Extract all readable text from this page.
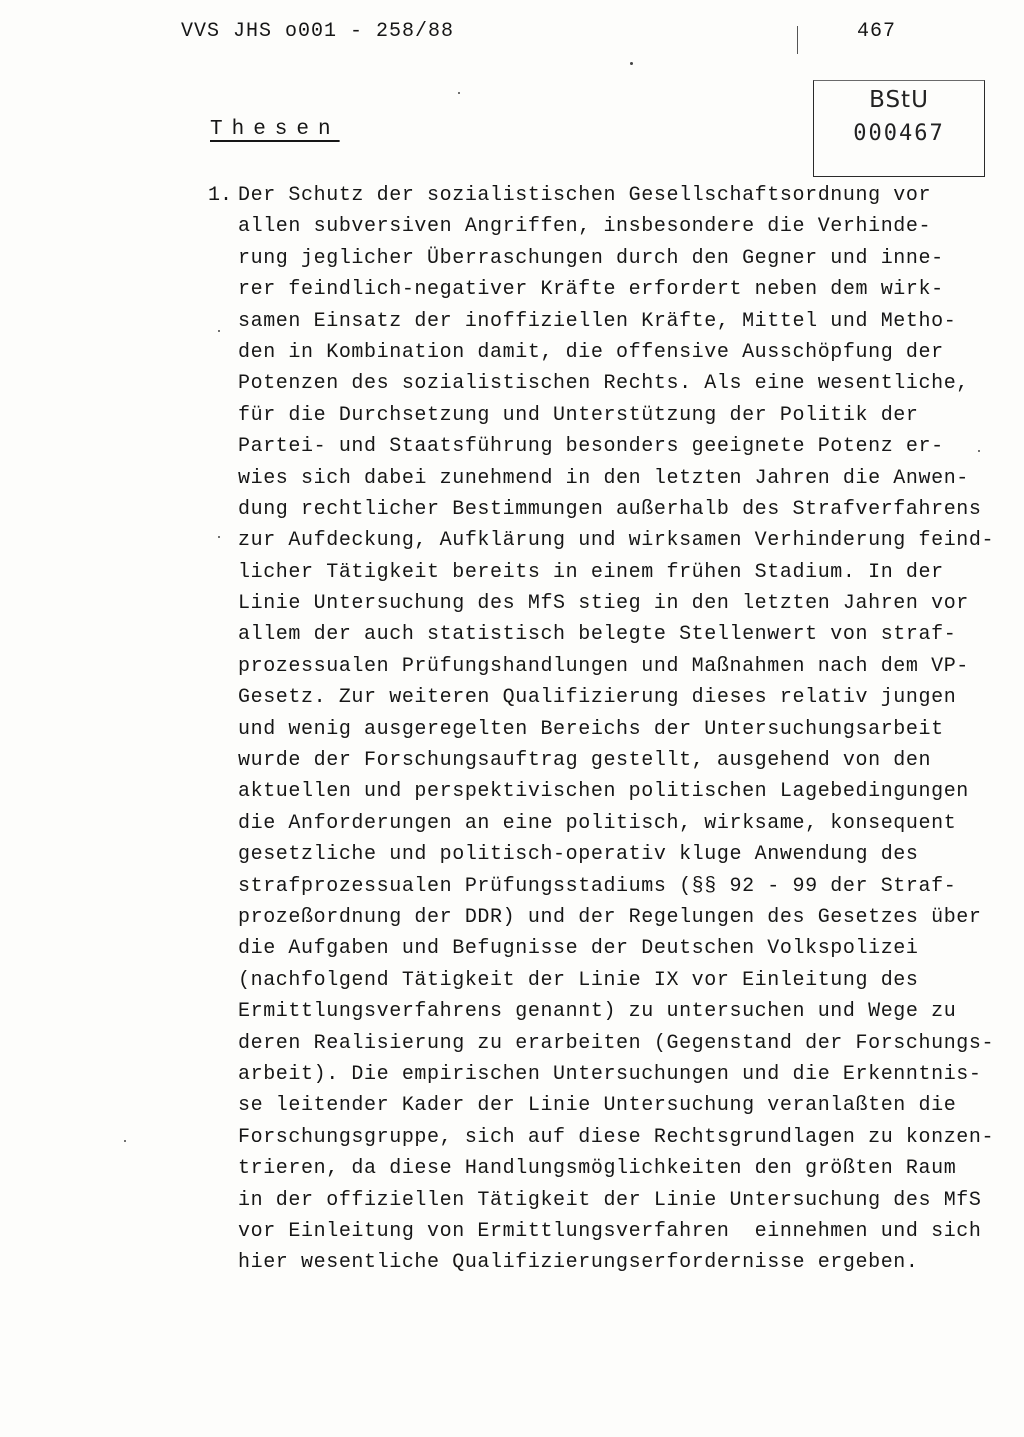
VVS JHS o001 - 258/88	467
BStU
000467
Thesen
1. Der Schutz der sozialistischen Gesellschaftsordnung vor
allen subversiven Angriffen, insbesondere die Verhinde-
rung jeglicher Überraschungen durch den Gegner und inne-
rer feindlich-negativer Kräfte erfordert neben dem wirk-
samen Einsatz der inoffiziellen Kräfte, Mittel und Metho-
den in Kombination damit, die offensive Ausschöpfung der
Potenzen des sozialistischen Rechts. Als eine wesentliche,
für die Durchsetzung und Unterstützung der Politik der
Partei- und Staatsführung besonders geeignete Potenz er-
wies sich dabei zunehmend in den letzten Jahren die Anwen-
dung rechtlicher Bestimmungen außerhalb des Strafverfahrens
zur Aufdeckung, Aufklärung und wirksamen Verhinderung feind-
licher Tätigkeit bereits in einem frühen Stadium. In der
Linie Untersuchung des MfS stieg in den letzten Jahren vor
allem der auch statistisch belegte Stellenwert von straf-
prozessualen Prüfungshandlungen und Maßnahmen nach dem VP-
Gesetz. Zur weiteren Qualifizierung dieses relativ jungen
und wenig ausgeregelten Bereichs der Untersuchungsarbeit
wurde der Forschungsauftrag gestellt, ausgehend von den
aktuellen und perspektivischen politischen Lagebedingungen
die Anforderungen an eine politisch, wirksame, konsequent
gesetzliche und politisch-operativ kluge Anwendung des
strafprozessualen Prüfungsstadiums (§§ 92 - 99 der Straf-
prozeßordnung der DDR) und der Regelungen des Gesetzes über
die Aufgaben und Befugnisse der Deutschen Volkspolizei
(nachfolgend Tätigkeit der Linie IX vor Einleitung des
Ermittlungsverfahrens genannt) zu untersuchen und Wege zu
deren Realisierung zu erarbeiten (Gegenstand der Forschungs-
arbeit). Die empirischen Untersuchungen und die Erkenntnis-
se leitender Kader der Linie Untersuchung veranlaßten die
Forschungsgruppe, sich auf diese Rechtsgrundlagen zu konzen-
trieren, da diese Handlungsmöglichkeiten den größten Raum
in der offiziellen Tätigkeit der Linie Untersuchung des MfS
vor Einleitung von Ermittlungsverfahren  einnehmen und sich
hier wesentliche Qualifizierungserfordernisse ergeben.
